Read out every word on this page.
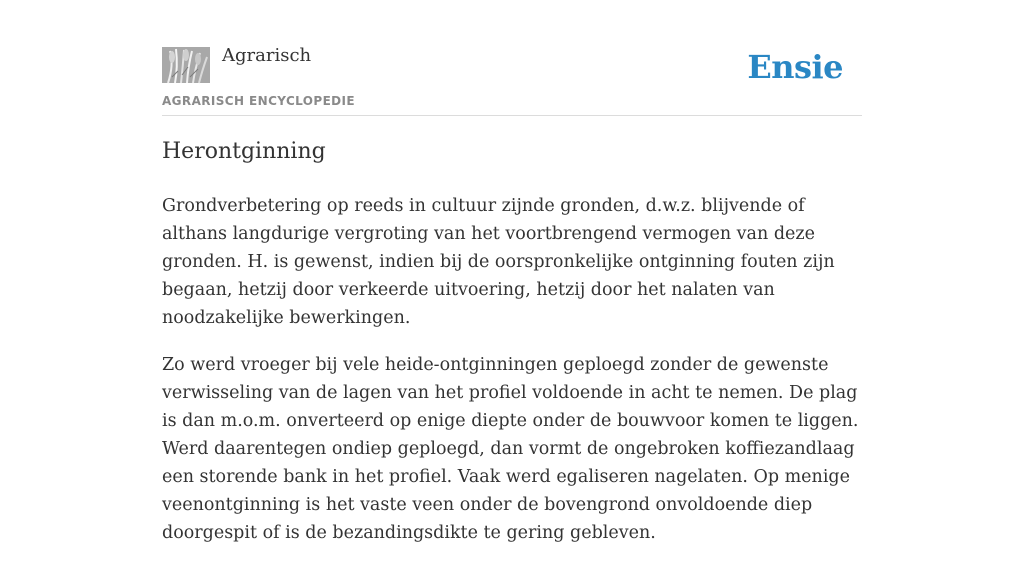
Agrarisch
AGRARISCH ENCYCLOPEDIE
Ensie
Herontginning

Grondverbetering op reeds in cultuur zijnde gronden, d.w.z. blijvende of althans langdurige vergroting van het voortbrengend vermogen van deze gronden. H. is gewenst, indien bij de oorspronkelijke ontginning fouten zijn begaan, hetzij door verkeerde uitvoering, hetzij door het nalaten van noodzakelijke bewerkingen.

Zo werd vroeger bij vele heide-ontginningen geploegd zonder de gewenste verwisseling van de lagen van het profiel voldoende in acht te nemen. De plag is dan m.o.m. onverteerd op enige diepte onder de bouwvoor komen te liggen. Werd daarentegen ondiep geploegd, dan vormt de ongebroken koffiezandlaag een storende bank in het profiel. Vaak werd egaliseren nagelaten. Op menige veenontginning is het vaste veen onder de bovengrond onvoldoende diep doorgespit of is de bezandingsdikte te gering gebleven.
